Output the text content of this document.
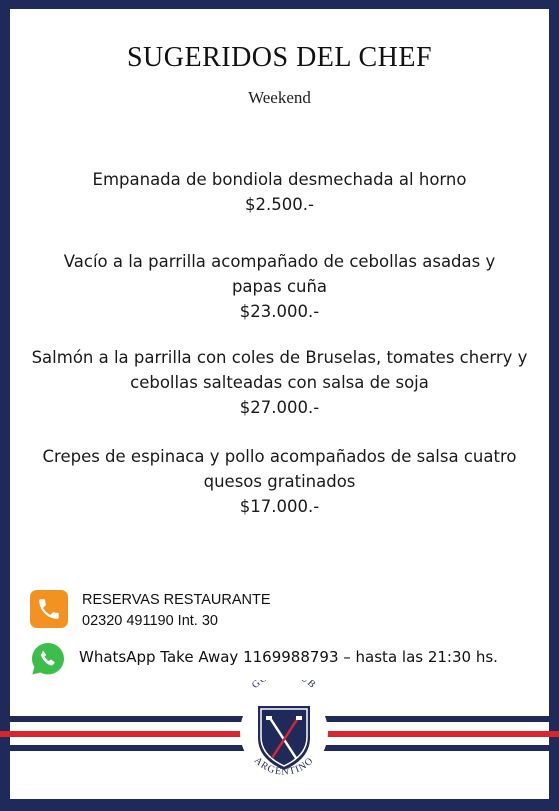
SUGERIDOS DEL CHEF
Weekend
Empanada de bondiola desmechada al horno
$2.500.-
Vacío a la parrilla acompañado de cebollas asadas y
papas cuña
$23.000.-
Salmón a la parrilla con coles de Bruselas, tomates cherry y
cebollas salteadas con salsa de soja
$27.000.-
Crepes de espinaca y pollo acompañados de salsa cuatro
quesos gratinados
$17.000.-
RESERVAS RESTAURANTE
02320 491190 Int. 30
WhatsApp Take Away 1169988793 – hasta las 21:30 hs.
G B
ARGENTINO
